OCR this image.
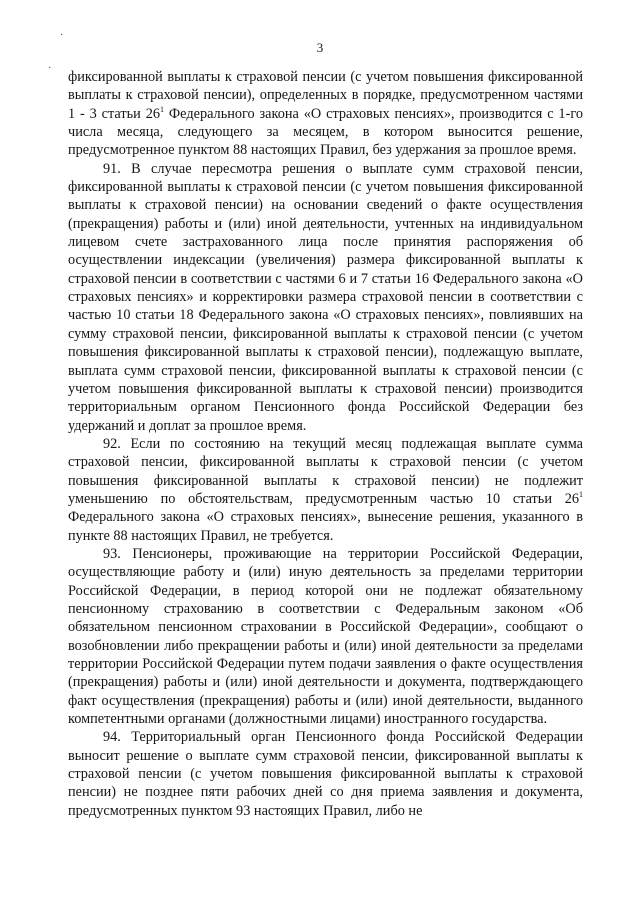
3
·
·

фиксированной выплаты к страховой пенсии (с учетом повышения фиксированной выплаты к страховой пенсии), определенных в порядке, предусмотренном частями 1 - 3 статьи $26^1$ Федерального закона «О страховых пенсиях», производится с 1-го числа месяца, следующего за месяцем, в котором выносится решение, предусмотренное пунктом 88 настоящих Правил, без удержания за прошлое время.

91. В случае пересмотра решения о выплате сумм страховой пенсии, фиксированной выплаты к страховой пенсии (с учетом повышения фиксированной выплаты к страховой пенсии) на основании сведений о факте осуществления (прекращения) работы и (или) иной деятельности, учтенных на индивидуальном лицевом счете застрахованного лица после принятия распоряжения об осуществлении индексации (увеличения) размера фиксированной выплаты к страховой пенсии в соответствии с частями 6 и 7 статьи 16 Федерального закона «О страховых пенсиях» и корректировки размера страховой пенсии в соответствии с частью 10 статьи 18 Федерального закона «О страховых пенсиях», повлиявших на сумму страховой пенсии, фиксированной выплаты к страховой пенсии (с учетом повышения фиксированной выплаты к страховой пенсии), подлежащую выплате, выплата сумм страховой пенсии, фиксированной выплаты к страховой пенсии (с учетом повышения фиксированной выплаты к страховой пенсии) производится территориальным органом Пенсионного фонда Российской Федерации без удержаний и доплат за прошлое время.

92. Если по состоянию на текущий месяц подлежащая выплате сумма страховой пенсии, фиксированной выплаты к страховой пенсии (с учетом повышения фиксированной выплаты к страховой пенсии) не подлежит уменьшению по обстоятельствам, предусмотренным частью 10 статьи $26^1$ Федерального закона «О страховых пенсиях», вынесение решения, указанного в пункте 88 настоящих Правил, не требуется.

93. Пенсионеры, проживающие на территории Российской Федерации, осуществляющие работу и (или) иную деятельность за пределами территории Российской Федерации, в период которой они не подлежат обязательному пенсионному страхованию в соответствии с Федеральным законом «Об обязательном пенсионном страховании в Российской Федерации», сообщают о возобновлении либо прекращении работы и (или) иной деятельности за пределами территории Российской Федерации путем подачи заявления о факте осуществления (прекращения) работы и (или) иной деятельности и документа, подтверждающего факт осуществления (прекращения) работы и (или) иной деятельности, выданного компетентными органами (должностными лицами) иностранного государства.

94. Территориальный орган Пенсионного фонда Российской Федерации выносит решение о выплате сумм страховой пенсии, фиксированной выплаты к страховой пенсии (с учетом повышения фиксированной выплаты к страховой пенсии) не позднее пяти рабочих дней со дня приема заявления и документа, предусмотренных пунктом 93 настоящих Правил, либо не
